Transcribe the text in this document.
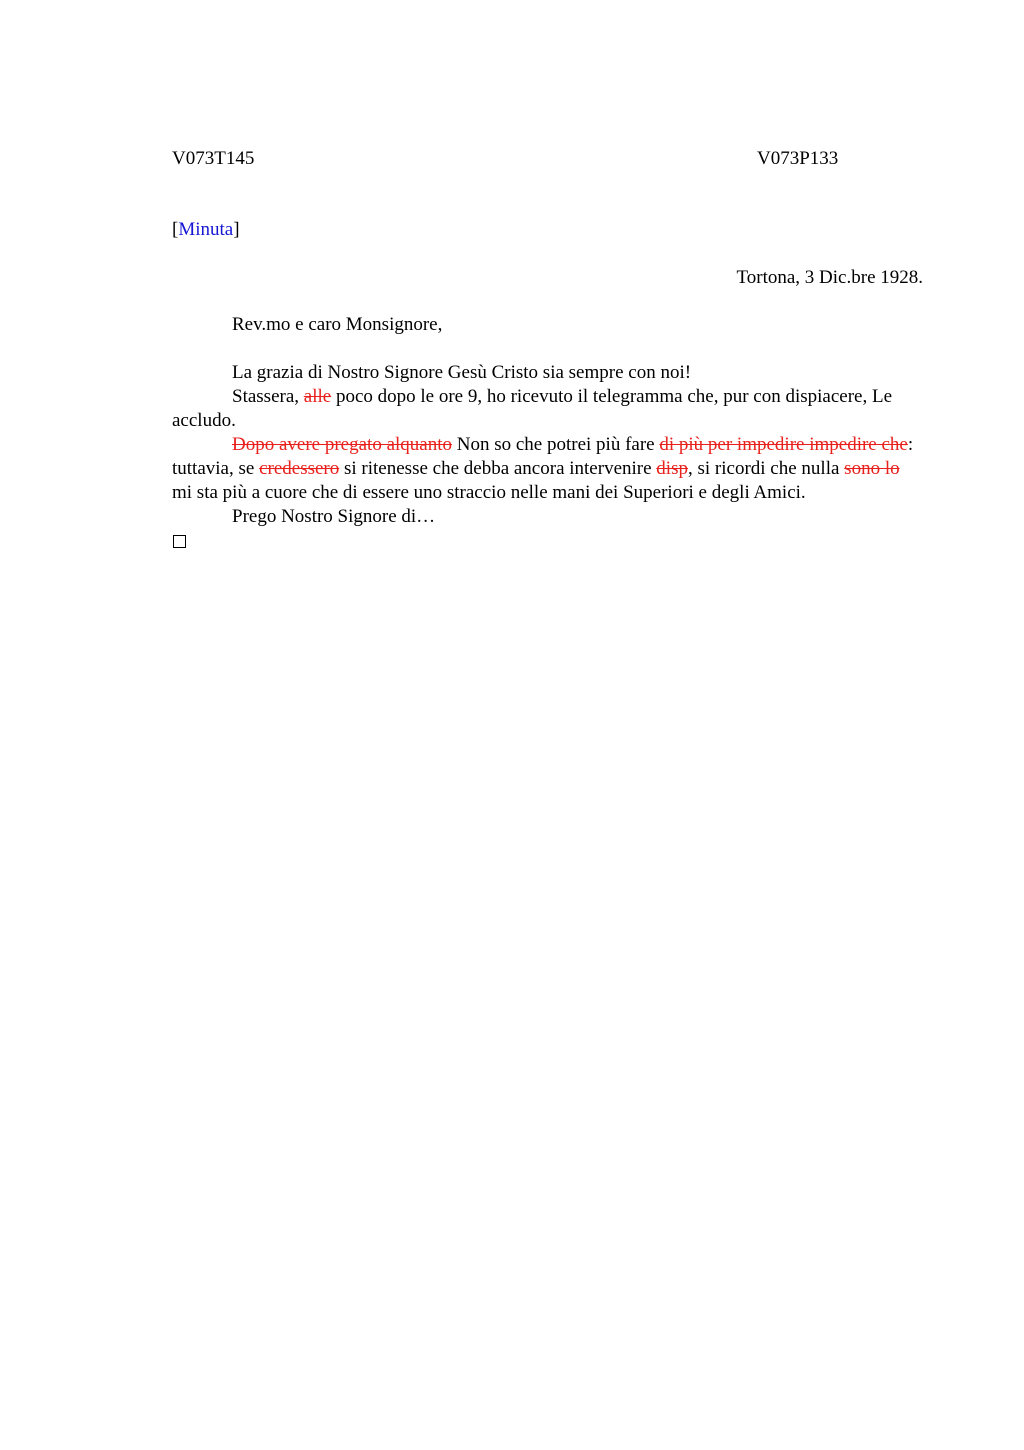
V073T145	V073P133
[Minuta]
Tortona, 3 Dic.bre 1928.
Rev.mo e caro Monsignore,

La grazia di Nostro Signore Gesù Cristo sia sempre con noi!

Stassera, alle poco dopo le ore 9, ho ricevuto il telegramma che, pur con dispiacere, Le accludo.

Dopo avere pregato alquanto Non so che potrei più fare di più per impedire impedire che: tuttavia, se credessero si ritenesse che debba ancora intervenire disp, si ricordi che nulla sono lo mi sta più a cuore che di essere uno straccio nelle mani dei Superiori e degli Amici.

Prego Nostro Signore di…
